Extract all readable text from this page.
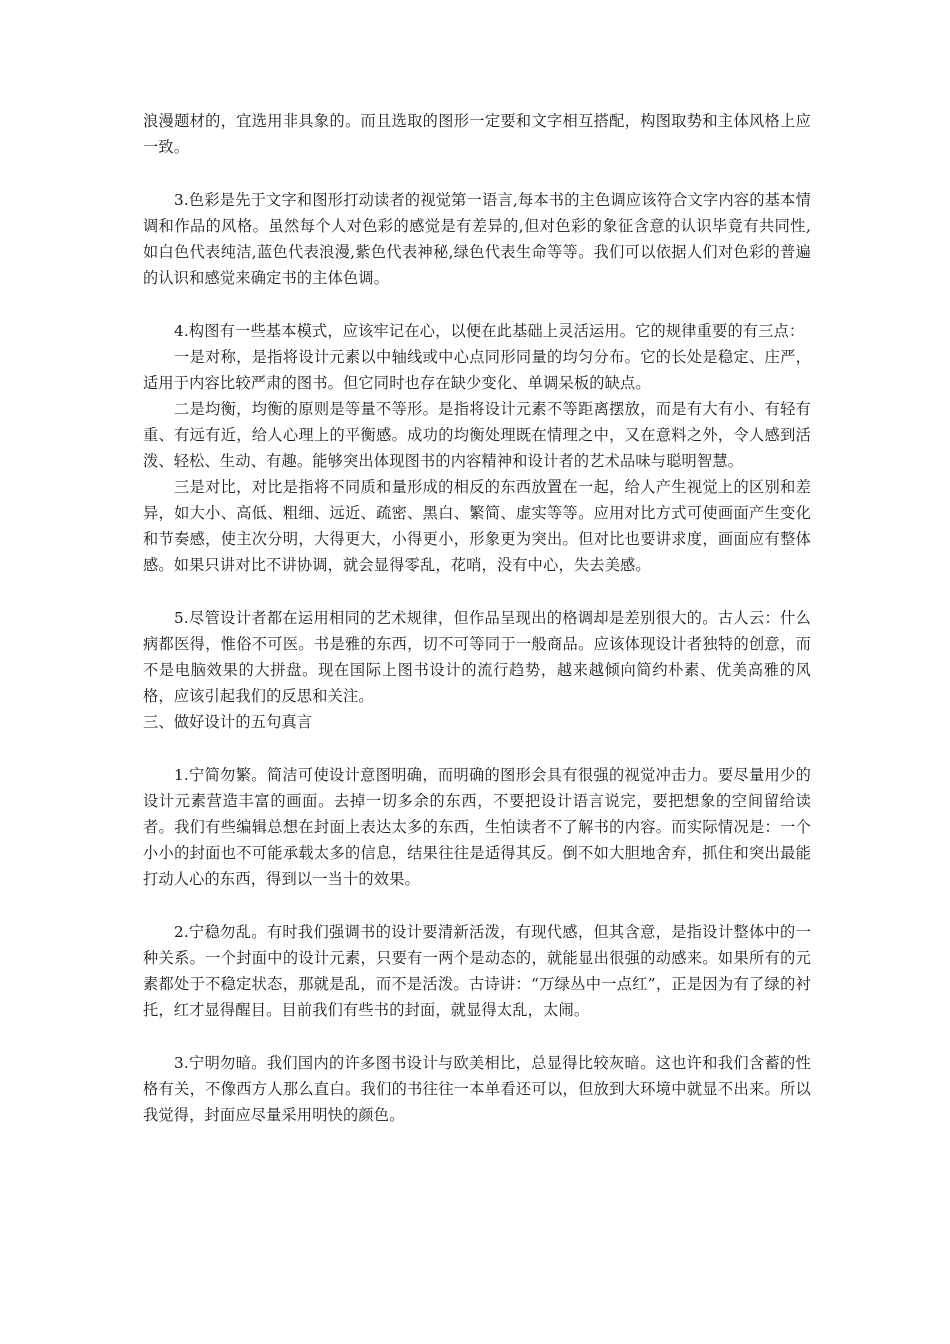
浪漫题材的，宜选用非具象的。而且选取的图形一定要和文字相互搭配，构图取势和主体风格上应一致。

3.色彩是先于文字和图形打动读者的视觉第一语言,每本书的主色调应该符合文字内容的基本情调和作品的风格。虽然每个人对色彩的感觉是有差异的,但对色彩的象征含意的认识毕竟有共同性,如白色代表纯洁,蓝色代表浪漫,紫色代表神秘,绿色代表生命等等。我们可以依据人们对色彩的普遍的认识和感觉来确定书的主体色调。

4.构图有一些基本模式，应该牢记在心，以便在此基础上灵活运用。它的规律重要的有三点：

一是对称，是指将设计元素以中轴线或中心点同形同量的均匀分布。它的长处是稳定、庄严，适用于内容比较严肃的图书。但它同时也存在缺少变化、单调呆板的缺点。

二是均衡，均衡的原则是等量不等形。是指将设计元素不等距离摆放，而是有大有小、有轻有重、有远有近，给人心理上的平衡感。成功的均衡处理既在情理之中，又在意料之外，令人感到活泼、轻松、生动、有趣。能够突出体现图书的内容精神和设计者的艺术品味与聪明智慧。

三是对比，对比是指将不同质和量形成的相反的东西放置在一起，给人产生视觉上的区别和差异，如大小、高低、粗细、远近、疏密、黑白、繁简、虚实等等。应用对比方式可使画面产生变化和节奏感，使主次分明，大得更大，小得更小，形象更为突出。但对比也要讲求度，画面应有整体感。如果只讲对比不讲协调，就会显得零乱，花哨，没有中心，失去美感。

5.尽管设计者都在运用相同的艺术规律，但作品呈现出的格调却是差别很大的。古人云：什么病都医得，惟俗不可医。书是雅的东西，切不可等同于一般商品。应该体现设计者独特的创意，而不是电脑效果的大拼盘。现在国际上图书设计的流行趋势，越来越倾向简约朴素、优美高雅的风格，应该引起我们的反思和关注。

三、做好设计的五句真言

1.宁简勿繁。简洁可使设计意图明确，而明确的图形会具有很强的视觉冲击力。要尽量用少的设计元素营造丰富的画面。去掉一切多余的东西，不要把设计语言说完，要把想象的空间留给读者。我们有些编辑总想在封面上表达太多的东西，生怕读者不了解书的内容。而实际情况是：一个小小的封面也不可能承载太多的信息，结果往往是适得其反。倒不如大胆地舍弃，抓住和突出最能打动人心的东西，得到以一当十的效果。

2.宁稳勿乱。有时我们强调书的设计要清新活泼，有现代感，但其含意，是指设计整体中的一种关系。一个封面中的设计元素，只要有一两个是动态的，就能显出很强的动感来。如果所有的元素都处于不稳定状态，那就是乱，而不是活泼。古诗讲：“万绿丛中一点红”，正是因为有了绿的衬托，红才显得醒目。目前我们有些书的封面，就显得太乱，太闹。

3.宁明勿暗。我们国内的许多图书设计与欧美相比，总显得比较灰暗。这也许和我们含蓄的性格有关，不像西方人那么直白。我们的书往往一本单看还可以，但放到大环境中就显不出来。所以我觉得，封面应尽量采用明快的颜色。
